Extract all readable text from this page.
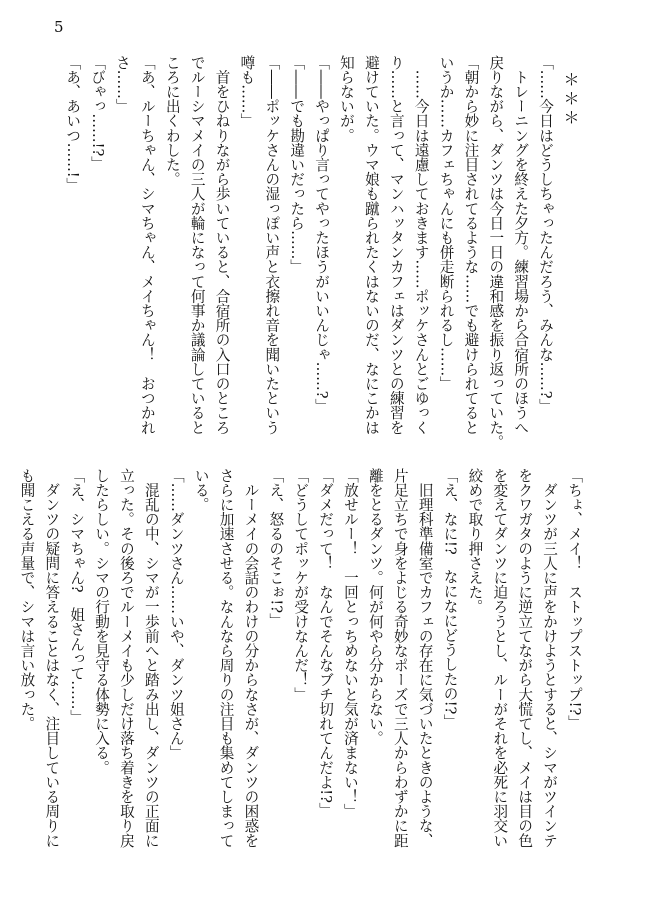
5
＊＊＊
「……今日はどうしちゃったんだろう、みんな……?」
　トレーニングを終えた夕方。練習場から合宿所のほうへ
戻りながら、ダンツは今日一日の違和感を振り返っていた。
「朝から妙に注目されてるような……でも避けられてると
いうか……カフェちゃんにも併走断られるし……」
　……今日は遠慮しておきます……ポッケさんとごゆっく
り……と言って、マンハッタンカフェはダンツとの練習を
避けていた。ウマ娘も蹴られたくはないのだ、なにこかは
知らないが。
「――やっぱり言ってやったほうがいいんじゃ……?」
「――でも勘違いだったら……」
「――ポッケさんの湿っぽい声と衣擦れ音を聞いたという
噂も……」
　首をひねりながら歩いていると、合宿所の入口のところ
でルーシマメイの三人が輪になって何事か議論していると
ころに出くわした。
「あ、ルーちゃん、シマちゃん、メイちゃん！　おつかれ
さ……」
「びゃっ……!?」
「あ、あいつ……!」
「ちょ、メイ！　ストップストップ!?」
　ダンツが三人に声をかけようとすると、シマがツインテ
をクワガタのように逆立てながら大慌てし、メイは目の色
を変えてダンツに迫ろうとし、ルーがそれを必死に羽交い
絞めで取り押さえた。
「え、なに!?　なになにどうしたの!?」
　旧理科準備室でカフェの存在に気づいたときのような、
片足立ちで身をよじる奇妙なポーズで三人からわずかに距
離をとるダンツ。何が何やら分からない。
「放せルー！　一回とっちめないと気が済まない！」
「ダメだって！　なんでそんなブチ切れてんだよ!?」
「どうしてポッケが受けなんだ！」
「え、怒るのそこぉ!?」
　ルーメイの会話のわけの分からなさが、ダンツの困惑を
さらに加速させる。なんなら周りの注目も集めてしまって
いる。
「……ダンツさん……いや、ダンツ姐さん」
　混乱の中、シマが一歩前へと踏み出し、ダンツの正面に
立った。その後ろでルーメイも少しだけ落ち着きを取り戻
したらしい。シマの行動を見守る体勢に入る。
「え、シマちゃん?　姐さんって……」
　ダンツの疑問に答えることはなく、注目している周りに
も聞こえる声量で、シマは言い放った。
